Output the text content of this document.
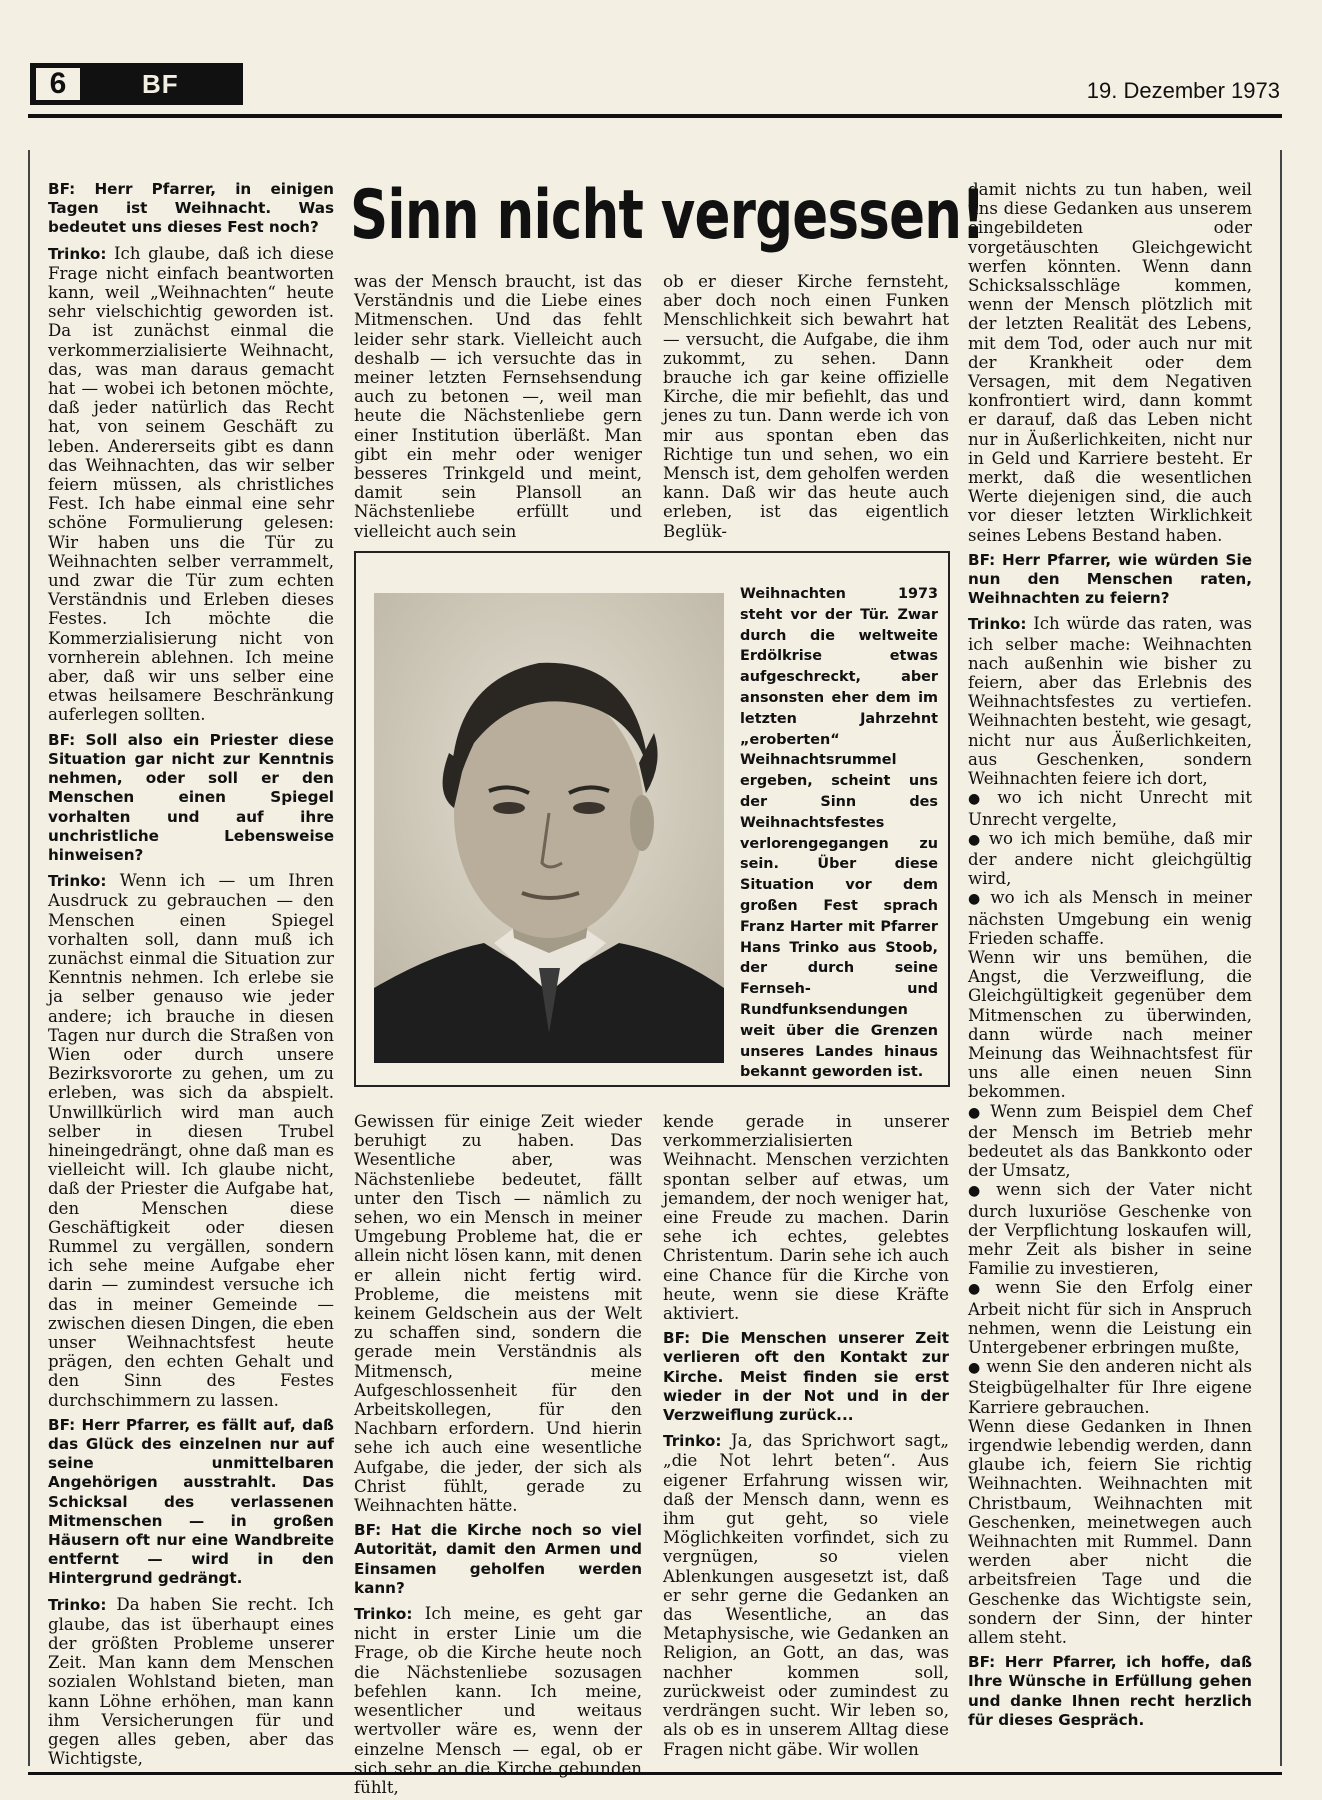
6	BF	19. Dezember 1973

BF: Herr Pfarrer, in einigen Tagen ist Weihnacht. Was bedeutet uns dieses Fest noch?

Trinko: Ich glaube, daß ich diese Frage nicht einfach beantworten kann, weil „Weihnachten“ heute sehr vielschichtig geworden ist. Da ist zunächst einmal die verkommerzialisierte Weihnacht, das, was man daraus gemacht hat — wobei ich betonen möchte, daß jeder natürlich das Recht hat, von seinem Geschäft zu leben. Andererseits gibt es dann das Weihnachten, das wir selber feiern müssen, als christliches Fest. Ich habe einmal eine sehr schöne Formulierung gelesen: Wir haben uns die Tür zu Weihnachten selber verrammelt, und zwar die Tür zum echten Verständnis und Erleben dieses Festes. Ich möchte die Kommerzialisierung nicht von vornherein ablehnen. Ich meine aber, daß wir uns selber eine etwas heilsamere Beschränkung auferlegen sollten.

BF: Soll also ein Priester diese Situation gar nicht zur Kenntnis nehmen, oder soll er den Menschen einen Spiegel vorhalten und auf ihre unchristliche Lebensweise hinweisen?

Trinko: Wenn ich — um Ihren Ausdruck zu gebrauchen — den Menschen einen Spiegel vorhalten soll, dann muß ich zunächst einmal die Situation zur Kenntnis nehmen. Ich erlebe sie ja selber genauso wie jeder andere; ich brauche in diesen Tagen nur durch die Straßen von Wien oder durch unsere Bezirksvororte zu gehen, um zu erleben, was sich da abspielt. Unwillkürlich wird man auch selber in diesen Trubel hineingedrängt, ohne daß man es vielleicht will. Ich glaube nicht, daß der Priester die Aufgabe hat, den Menschen diese Geschäftigkeit oder diesen Rummel zu vergällen, sondern ich sehe meine Aufgabe eher darin — zumindest versuche ich das in meiner Gemeinde — zwischen diesen Dingen, die eben unser Weihnachtsfest heute prägen, den echten Gehalt und den Sinn des Festes durchschimmern zu lassen.

BF: Herr Pfarrer, es fällt auf, daß das Glück des einzelnen nur auf seine unmittelbaren Angehörigen ausstrahlt. Das Schicksal des verlassenen Mitmenschen — in großen Häusern oft nur eine Wandbreite entfernt — wird in den Hintergrund gedrängt.

Trinko: Da haben Sie recht. Ich glaube, das ist überhaupt eines der größten Probleme unserer Zeit. Man kann dem Menschen sozialen Wohlstand bieten, man kann Löhne erhöhen, man kann ihm Versicherungen für und gegen alles geben, aber das Wichtigste,

Sinn nicht vergessen!

was der Mensch braucht, ist das Verständnis und die Liebe eines Mitmenschen. Und das fehlt leider sehr stark. Vielleicht auch deshalb — ich versuchte das in meiner letzten Fernsehsendung auch zu betonen —, weil man heute die Nächstenliebe gern einer Institution überläßt. Man gibt ein mehr oder weniger besseres Trinkgeld und meint, damit sein Plansoll an Nächstenliebe erfüllt und vielleicht auch sein

ob er dieser Kirche fernsteht, aber doch noch einen Funken Menschlichkeit sich bewahrt hat — versucht, die Aufgabe, die ihm zukommt, zu sehen. Dann brauche ich gar keine offizielle Kirche, die mir befiehlt, das und jenes zu tun. Dann werde ich von mir aus spontan eben das Richtige tun und sehen, wo ein Mensch ist, dem geholfen werden kann. Daß wir das heute auch erleben, ist das eigentlich Beglük-

Weihnachten 1973 steht vor der Tür. Zwar durch die weltweite Erdölkrise etwas aufgeschreckt, aber ansonsten eher dem im letzten Jahrzehnt „eroberten“ Weihnachtsrummel ergeben, scheint uns der Sinn des Weihnachtsfestes verlorengegangen zu sein. Über diese Situation vor dem großen Fest sprach Franz Harter mit Pfarrer Hans Trinko aus Stoob, der durch seine Fernseh- und Rundfunksendungen weit über die Grenzen unseres Landes hinaus bekannt geworden ist.

Gewissen für einige Zeit wieder beruhigt zu haben. Das Wesentliche aber, was Nächstenliebe bedeutet, fällt unter den Tisch — nämlich zu sehen, wo ein Mensch in meiner Umgebung Probleme hat, die er allein nicht lösen kann, mit denen er allein nicht fertig wird. Probleme, die meistens mit keinem Geldschein aus der Welt zu schaffen sind, sondern die gerade mein Verständnis als Mitmensch, meine Aufgeschlossenheit für den Arbeitskollegen, für den Nachbarn erfordern. Und hierin sehe ich auch eine wesentliche Aufgabe, die jeder, der sich als Christ fühlt, gerade zu Weihnachten hätte.

BF: Hat die Kirche noch so viel Autorität, damit den Armen und Einsamen geholfen werden kann?

Trinko: Ich meine, es geht gar nicht in erster Linie um die Frage, ob die Kirche heute noch die Nächstenliebe sozusagen befehlen kann. Ich meine, wesentlicher und weitaus wertvoller wäre es, wenn der einzelne Mensch — egal, ob er sich sehr an die Kirche gebunden fühlt,

kende gerade in unserer verkommerzialisierten Weihnacht. Menschen verzichten spontan selber auf etwas, um jemandem, der noch weniger hat, eine Freude zu machen. Darin sehe ich echtes, gelebtes Christentum. Darin sehe ich auch eine Chance für die Kirche von heute, wenn sie diese Kräfte aktiviert.

BF: Die Menschen unserer Zeit verlieren oft den Kontakt zur Kirche. Meist finden sie erst wieder in der Not und in der Verzweiflung zurück...

Trinko: Ja, das Sprichwort sagt„ „die Not lehrt beten“. Aus eigener Erfahrung wissen wir, daß der Mensch dann, wenn es ihm gut geht, so viele Möglichkeiten vorfindet, sich zu vergnügen, so vielen Ablenkungen ausgesetzt ist, daß er sehr gerne die Gedanken an das Wesentliche, an das Metaphysische, wie Gedanken an Religion, an Gott, an das, was nachher kommen soll, zurückweist oder zumindest zu verdrängen sucht. Wir leben so, als ob es in unserem Alltag diese Fragen nicht gäbe. Wir wollen

damit nichts zu tun haben, weil uns diese Gedanken aus unserem eingebildeten oder vorgetäuschten Gleichgewicht werfen könnten. Wenn dann Schicksalsschläge kommen, wenn der Mensch plötzlich mit der letzten Realität des Lebens, mit dem Tod, oder auch nur mit der Krankheit oder dem Versagen, mit dem Negativen konfrontiert wird, dann kommt er darauf, daß das Leben nicht nur in Äußerlichkeiten, nicht nur in Geld und Karriere besteht. Er merkt, daß die wesentlichen Werte diejenigen sind, die auch vor dieser letzten Wirklichkeit seines Lebens Bestand haben.

BF: Herr Pfarrer, wie würden Sie nun den Menschen raten, Weihnachten zu feiern?

Trinko: Ich würde das raten, was ich selber mache: Weihnachten nach außenhin wie bisher zu feiern, aber das Erlebnis des Weihnachtsfestes zu vertiefen. Weihnachten besteht, wie gesagt, nicht nur aus Äußerlichkeiten, aus Geschenken, sondern Weihnachten feiere ich dort,

● wo ich nicht Unrecht mit Unrecht vergelte,

● wo ich mich bemühe, daß mir der andere nicht gleichgültig wird,

● wo ich als Mensch in meiner nächsten Umgebung ein wenig Frieden schaffe.

Wenn wir uns bemühen, die Angst, die Verzweiflung, die Gleichgültigkeit gegenüber dem Mitmenschen zu überwinden, dann würde nach meiner Meinung das Weihnachtsfest für uns alle einen neuen Sinn bekommen.

● Wenn zum Beispiel dem Chef der Mensch im Betrieb mehr bedeutet als das Bankkonto oder der Umsatz,

● wenn sich der Vater nicht durch luxuriöse Geschenke von der Verpflichtung loskaufen will, mehr Zeit als bisher in seine Familie zu investieren,

● wenn Sie den Erfolg einer Arbeit nicht für sich in Anspruch nehmen, wenn die Leistung ein Untergebener erbringen mußte,

● wenn Sie den anderen nicht als Steigbügelhalter für Ihre eigene Karriere gebrauchen.

Wenn diese Gedanken in Ihnen irgendwie lebendig werden, dann glaube ich, feiern Sie richtig Weihnachten. Weihnachten mit Christbaum, Weihnachten mit Geschenken, meinetwegen auch Weihnachten mit Rummel. Dann werden aber nicht die arbeitsfreien Tage und die Geschenke das Wichtigste sein, sondern der Sinn, der hinter allem steht.

BF: Herr Pfarrer, ich hoffe, daß Ihre Wünsche in Erfüllung gehen und danke Ihnen recht herzlich für dieses Gespräch.
